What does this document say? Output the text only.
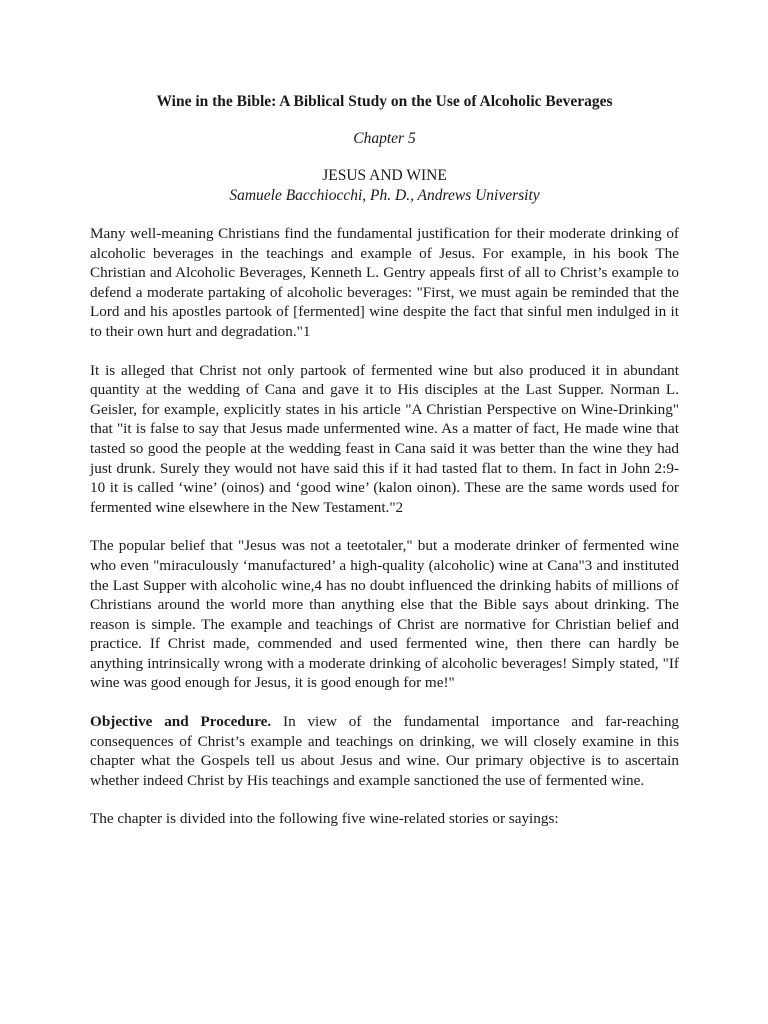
Wine in the Bible: A Biblical Study on the Use of Alcoholic Beverages

Chapter 5

JESUS AND WINE

Samuele Bacchiocchi, Ph. D., Andrews University

Many well-meaning Christians find the fundamental justification for their moderate drinking of alcoholic beverages in the teachings and example of Jesus. For example, in his book The Christian and Alcoholic Beverages, Kenneth L. Gentry appeals first of all to Christ’s example to defend a moderate partaking of alcoholic beverages: "First, we must again be reminded that the Lord and his apostles partook of [fermented] wine despite the fact that sinful men indulged in it to their own hurt and degradation."1

It is alleged that Christ not only partook of fermented wine but also produced it in abundant quantity at the wedding of Cana and gave it to His disciples at the Last Supper. Norman L. Geisler, for example, explicitly states in his article "A Christian Perspective on Wine-Drinking" that "it is false to say that Jesus made unfermented wine. As a matter of fact, He made wine that tasted so good the people at the wedding feast in Cana said it was better than the wine they had just drunk. Surely they would not have said this if it had tasted flat to them. In fact in John 2:9-10 it is called ‘wine’ (oinos) and ‘good wine’ (kalon oinon). These are the same words used for fermented wine elsewhere in the New Testament."2

The popular belief that "Jesus was not a teetotaler," but a moderate drinker of fermented wine who even "miraculously ‘manufactured’ a high-quality (alcoholic) wine at Cana"3 and instituted the Last Supper with alcoholic wine,4 has no doubt influenced the drinking habits of millions of Christians around the world more than anything else that the Bible says about drinking. The reason is simple. The example and teachings of Christ are normative for Christian belief and practice. If Christ made, commended and used fermented wine, then there can hardly be anything intrinsically wrong with a moderate drinking of alcoholic beverages! Simply stated, "If wine was good enough for Jesus, it is good enough for me!"

Objective and Procedure. In view of the fundamental importance and far-reaching consequences of Christ’s example and teachings on drinking, we will closely examine in this chapter what the Gospels tell us about Jesus and wine. Our primary objective is to ascertain whether indeed Christ by His teachings and example sanctioned the use of fermented wine.

The chapter is divided into the following five wine-related stories or sayings:
